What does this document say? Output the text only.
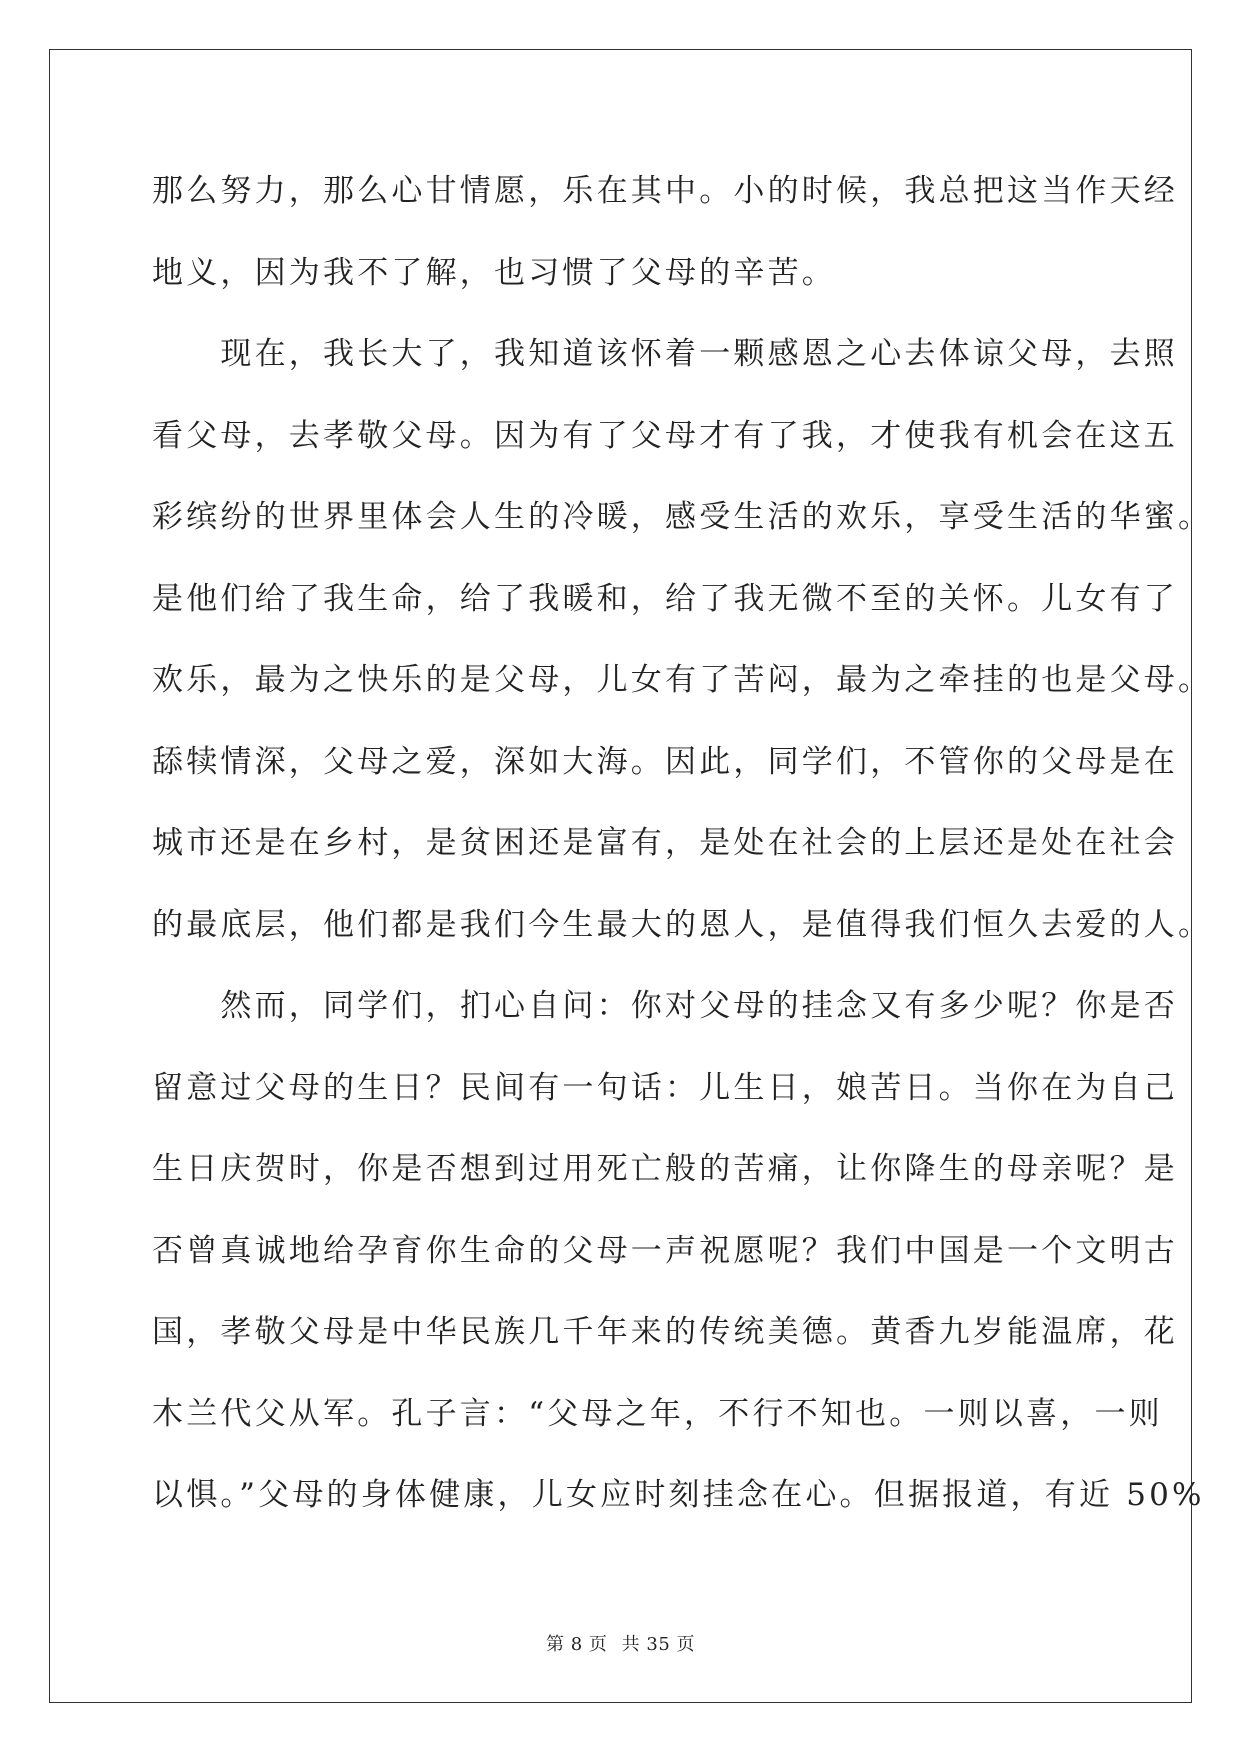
那么努力，那么心甘情愿，乐在其中。小的时候，我总把这当作天经
地义，因为我不了解，也习惯了父母的辛苦。
　　现在，我长大了，我知道该怀着一颗感恩之心去体谅父母，去照
看父母，去孝敬父母。因为有了父母才有了我，才使我有机会在这五
彩缤纷的世界里体会人生的冷暖，感受生活的欢乐，享受生活的华蜜。
是他们给了我生命，给了我暖和，给了我无微不至的关怀。儿女有了
欢乐，最为之快乐的是父母，儿女有了苦闷，最为之牵挂的也是父母。
舔犊情深，父母之爱，深如大海。因此，同学们，不管你的父母是在
城市还是在乡村，是贫困还是富有，是处在社会的上层还是处在社会
的最底层，他们都是我们今生最大的恩人，是值得我们恒久去爱的人。
　　然而，同学们，扪心自问：你对父母的挂念又有多少呢？你是否
留意过父母的生日？民间有一句话：儿生日，娘苦日。当你在为自己
生日庆贺时，你是否想到过用死亡般的苦痛，让你降生的母亲呢？是
否曾真诚地给孕育你生命的父母一声祝愿呢？我们中国是一个文明古
国，孝敬父母是中华民族几千年来的传统美德。黄香九岁能温席，花
木兰代父从军。孔子言：“父母之年，不行不知也。一则以喜，一则
以惧。”父母的身体健康，儿女应时刻挂念在心。但据报道，有近 50%
第 8 页 共 35 页
